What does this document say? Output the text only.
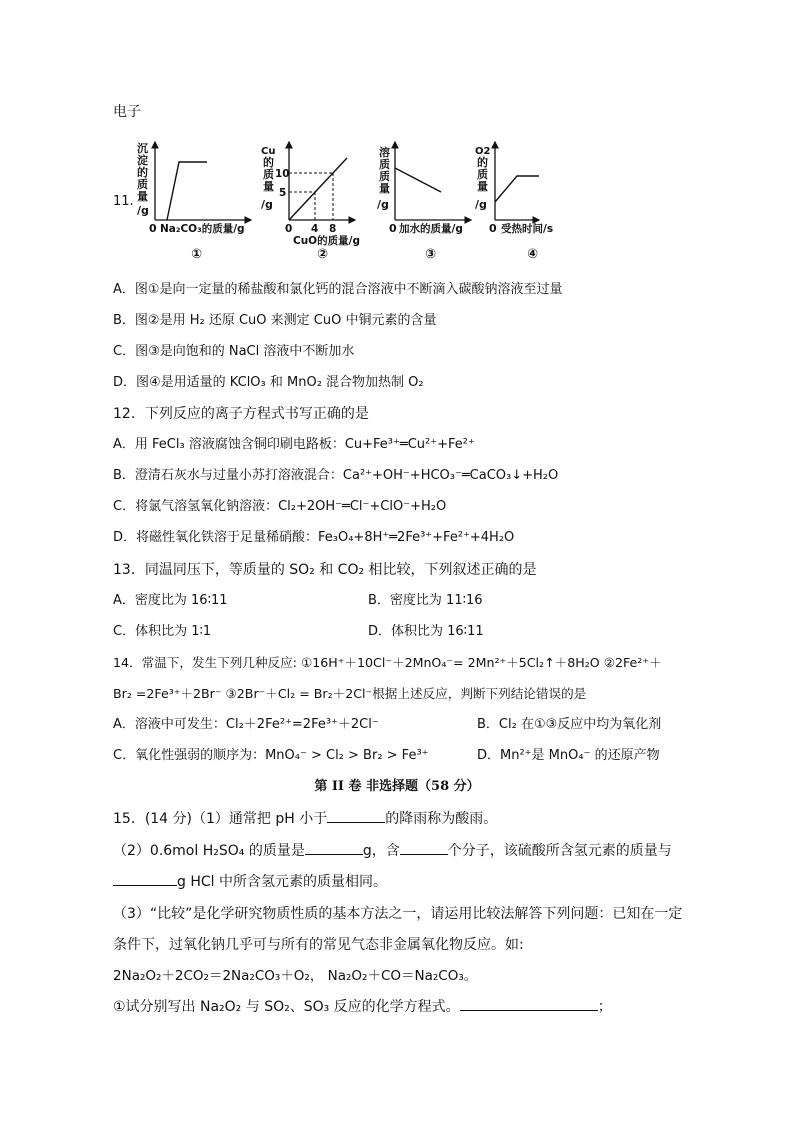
电子
11.
沉
淀
的
质
量
/g
0 Na₂CO₃的质量/g
①
Cu
的
质
量
/g
10
5
0 4 8
CuO的质量/g
②
溶
质
质
量
/g
0 加水的质量/g
③
O2
的
质
量
/g
0 受热时间/s
④
A．图①是向一定量的稀盐酸和氯化钙的混合溶液中不断滴入碳酸钠溶液至过量
B．图②是用 H₂ 还原 CuO 来测定 CuO 中铜元素的含量
C．图③是向饱和的 NaCl 溶液中不断加水
D．图④是用适量的 KClO₃ 和 MnO₂ 混合物加热制 O₂
12．下列反应的离子方程式书写正确的是
A．用 FeCl₃ 溶液腐蚀含铜印刷电路板：Cu+Fe³⁺═Cu²⁺+Fe²⁺
B．澄清石灰水与过量小苏打溶液混合：Ca²⁺+OH⁻+HCO₃⁻═CaCO₃↓+H₂O
C．将氯气溶氢氧化钠溶液：Cl₂+2OH⁻═Cl⁻+ClO⁻+H₂O
D．将磁性氧化铁溶于足量稀硝酸：Fe₃O₄+8H⁺═2Fe³⁺+Fe²⁺+4H₂O
13．同温同压下，等质量的 SO₂ 和 CO₂ 相比较，下列叙述正确的是
A．密度比为 16∶11	B．密度比为 11∶16
C．体积比为 1∶1	D．体积比为 16∶11
14．常温下，发生下列几种反应: ①16H⁺＋10Cl⁻＋2MnO₄⁻= 2Mn²⁺＋5Cl₂↑＋8H₂O ②2Fe²⁺＋
Br₂ =2Fe³⁺＋2Br⁻ ③2Br⁻＋Cl₂ = Br₂＋2Cl⁻根据上述反应，判断下列结论错误的是
A．溶液中可发生：Cl₂＋2Fe²⁺=2Fe³⁺＋2Cl⁻	B．Cl₂ 在①③反应中均为氧化剂
C．氧化性强弱的顺序为：MnO₄⁻ > Cl₂ > Br₂ > Fe³⁺	D．Mn²⁺是 MnO₄⁻ 的还原产物
第 II 卷 非选择题（58 分）
15．(14 分)（1）通常把 pH 小于	的降雨称为酸雨。
（2）0.6mol H₂SO₄ 的质量是	g，含	个分子，该硫酸所含氢元素的质量与
g HCl 中所含氢元素的质量相同。
（3）“比较”是化学研究物质性质的基本方法之一，请运用比较法解答下列问题：已知在一定
条件下，过氧化钠几乎可与所有的常见气态非金属氧化物反应。如:
2Na₂O₂＋2CO₂＝2Na₂CO₃＋O₂， Na₂O₂＋CO＝Na₂CO₃。
①试分别写出 Na₂O₂ 与 SO₂、SO₃ 反应的化学方程式。	；
